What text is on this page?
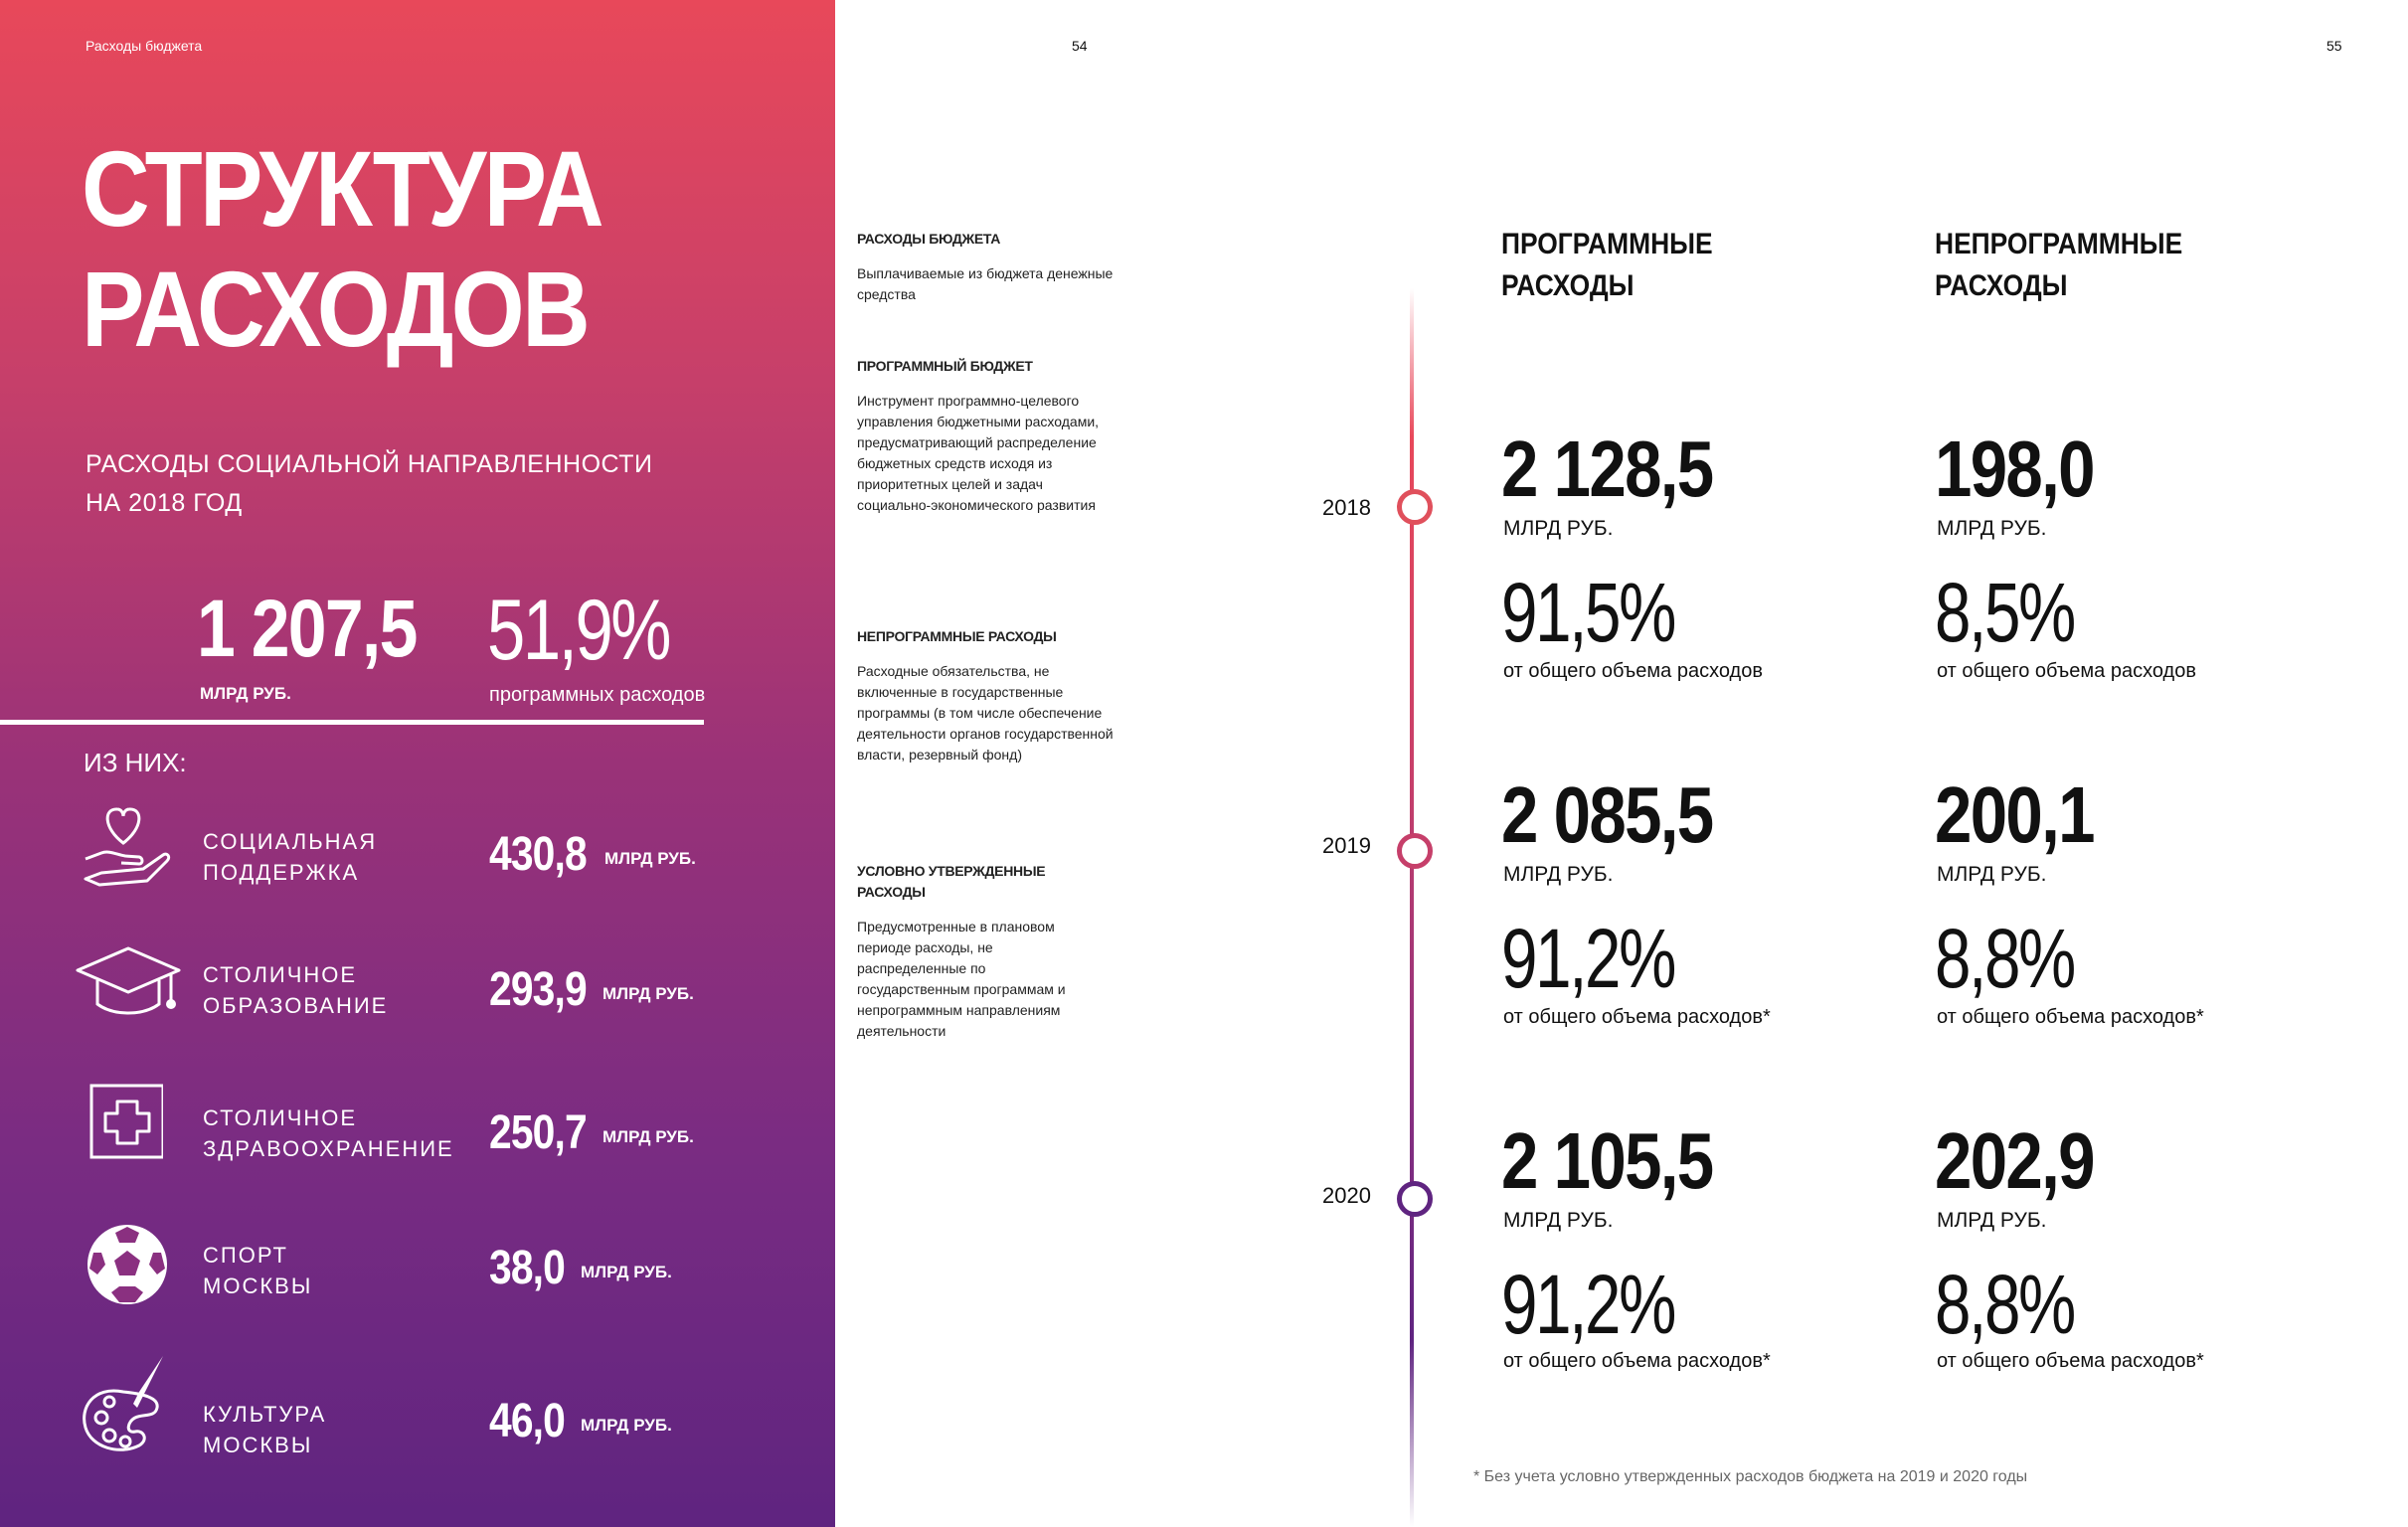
Расходы бюджета	54
СТРУКТУРА
РАСХОДОВ
РАСХОДЫ СОЦИАЛЬНОЙ НАПРАВЛЕННОСТИ
НА 2018 ГОД
1 207,5
МЛРД РУБ.
51,9%
программных расходов
ИЗ НИХ:
СОЦИАЛЬНАЯ
ПОДДЕРЖКА	430,8 МЛРД РУБ.
СТОЛИЧНОЕ
ОБРАЗОВАНИЕ 293,9 МЛРД РУБ.
СТОЛИЧНОЕ
ЗДРАВООХРАНЕНИЕ 250,7 МЛРД РУБ.
СПОРТ
МОСКВЫ	38,0 МЛРД РУБ.
КУЛЬТУРА
МОСКВЫ	46,0 МЛРД РУБ.
55
РАСХОДЫ БЮДЖЕТА

Выплачиваемые из бюджета денежные средства

ПРОГРАММНЫЙ БЮДЖЕТ

Инструмент программно-целевого управления бюджетными расходами, предусматривающий распределение бюджетных средств исходя из приоритетных целей и задач социально-экономического развития

НЕПРОГРАММНЫЕ РАСХОДЫ

Расходные обязательства, не включенные в государственные программы (в том числе обеспечение деятельности органов государственной власти, резервный фонд)

УСЛОВНО УТВЕРЖДЕННЫЕ РАСХОДЫ

Предусмотренные в плановом периоде расходы, не распределенные по государственным программам и непрограммным направлениям деятельности

ПРОГРАММНЫЕ
РАСХОДЫ
НЕПРОГРАММНЫЕ
РАСХОДЫ
2018 2 128,5
МЛРД РУБ.
91,5%
от общего объема расходов
198,0
МЛРД РУБ.
8,5%
от общего объема расходов
2019 2 085,5
МЛРД РУБ.
91,2%
от общего объема расходов*
200,1
МЛРД РУБ.
8,8%
от общего объема расходов*
2020 2 105,5
МЛРД РУБ.
91,2%
от общего объема расходов*
202,9
МЛРД РУБ.
8,8%
от общего объема расходов*
* Без учета условно утвержденных расходов бюджета на 2019 и 2020 годы
